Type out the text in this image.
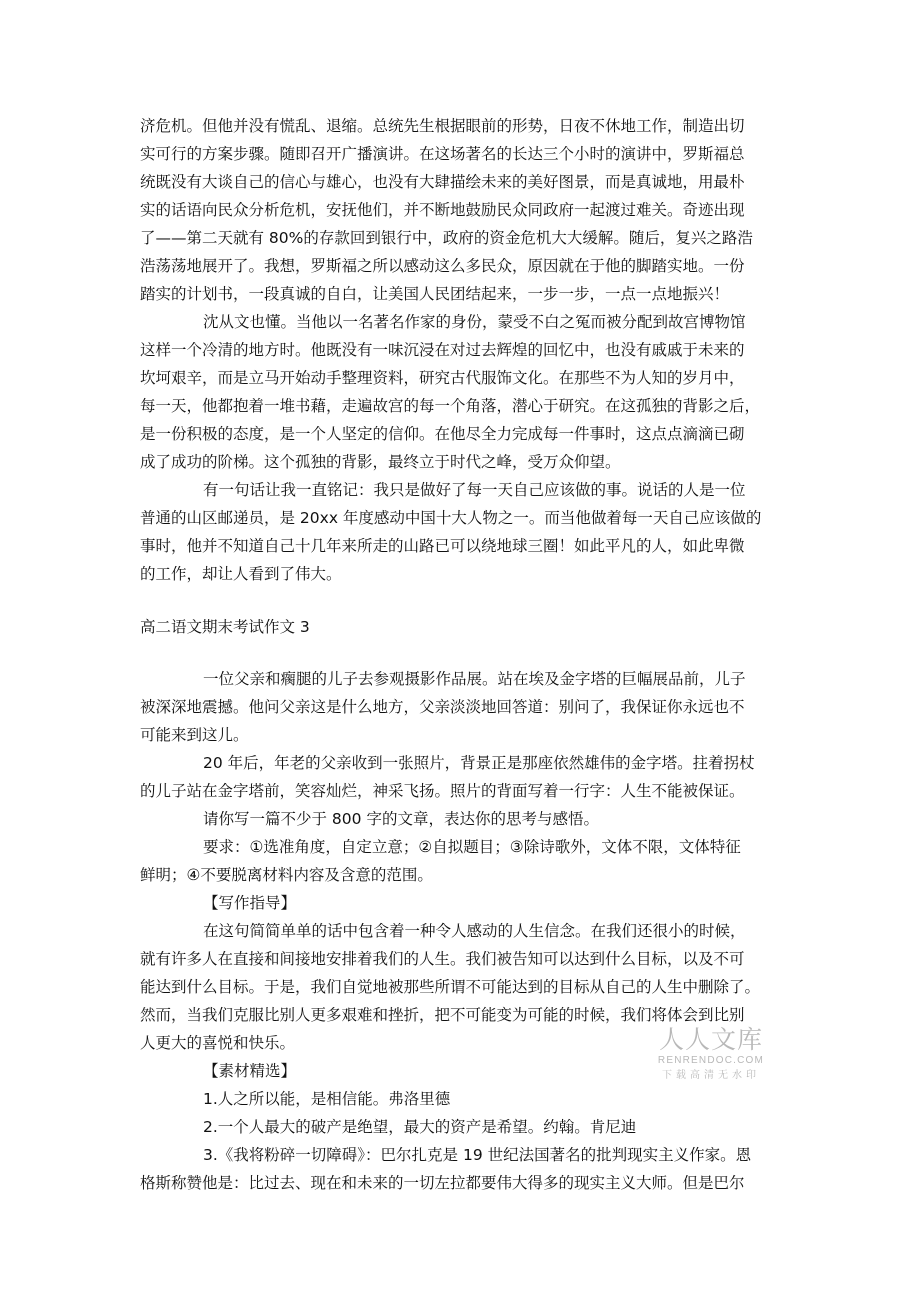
济危机。但他并没有慌乱、退缩。总统先生根据眼前的形势，日夜不休地工作，制造出切
实可行的方案步骤。随即召开广播演讲。在这场著名的长达三个小时的演讲中，罗斯福总
统既没有大谈自己的信心与雄心，也没有大肆描绘未来的美好图景，而是真诚地，用最朴
实的话语向民众分析危机，安抚他们，并不断地鼓励民众同政府一起渡过难关。奇迹出现
了——第二天就有 80%的存款回到银行中，政府的资金危机大大缓解。随后，复兴之路浩
浩荡荡地展开了。我想，罗斯福之所以感动这么多民众，原因就在于他的脚踏实地。一份
踏实的计划书，一段真诚的自白，让美国人民团结起来，一步一步，一点一点地振兴！
沈从文也懂。当他以一名著名作家的身份，蒙受不白之冤而被分配到故宫博物馆
这样一个冷清的地方时。他既没有一味沉浸在对过去辉煌的回忆中，也没有戚戚于未来的
坎坷艰辛，而是立马开始动手整理资料，研究古代服饰文化。在那些不为人知的岁月中，
每一天，他都抱着一堆书藉，走遍故宫的每一个角落，潜心于研究。在这孤独的背影之后，
是一份积极的态度，是一个人坚定的信仰。在他尽全力完成每一件事时，这点点滴滴已砌
成了成功的阶梯。这个孤独的背影，最终立于时代之峰，受万众仰望。
有一句话让我一直铭记：我只是做好了每一天自己应该做的事。说话的人是一位
普通的山区邮递员，是 20xx 年度感动中国十大人物之一。而当他做着每一天自己应该做的
事时，他并不知道自己十几年来所走的山路已可以绕地球三圈！如此平凡的人，如此卑微
的工作，却让人看到了伟大。
高二语文期末考试作文 3
一位父亲和瘸腿的儿子去参观摄影作品展。站在埃及金字塔的巨幅展品前，儿子
被深深地震撼。他问父亲这是什么地方，父亲淡淡地回答道：别问了，我保证你永远也不
可能来到这儿。
20 年后，年老的父亲收到一张照片，背景正是那座依然雄伟的金字塔。拄着拐杖
的儿子站在金字塔前，笑容灿烂，神采飞扬。照片的背面写着一行字：人生不能被保证。
请你写一篇不少于 800 字的文章，表达你的思考与感悟。
要求：①选准角度，自定立意；②自拟题目；③除诗歌外，文体不限，文体特征
鲜明；④不要脱离材料内容及含意的范围。
【写作指导】
在这句简简单单的话中包含着一种令人感动的人生信念。在我们还很小的时候，
就有许多人在直接和间接地安排着我们的人生。我们被告知可以达到什么目标，以及不可
能达到什么目标。于是，我们自觉地被那些所谓不可能达到的目标从自己的人生中删除了。
然而，当我们克服比别人更多艰难和挫折，把不可能变为可能的时候，我们将体会到比别
人更大的喜悦和快乐。
【素材精选】
1.人之所以能，是相信能。弗洛里德
2.一个人最大的破产是绝望，最大的资产是希望。约翰。肯尼迪
3.《我将粉碎一切障碍》：巴尔扎克是 19 世纪法国著名的批判现实主义作家。恩
格斯称赞他是：比过去、现在和未来的一切左拉都要伟大得多的现实主义大师。但是巴尔
人人文库
RENRENDOC.COM
下载高清无水印
